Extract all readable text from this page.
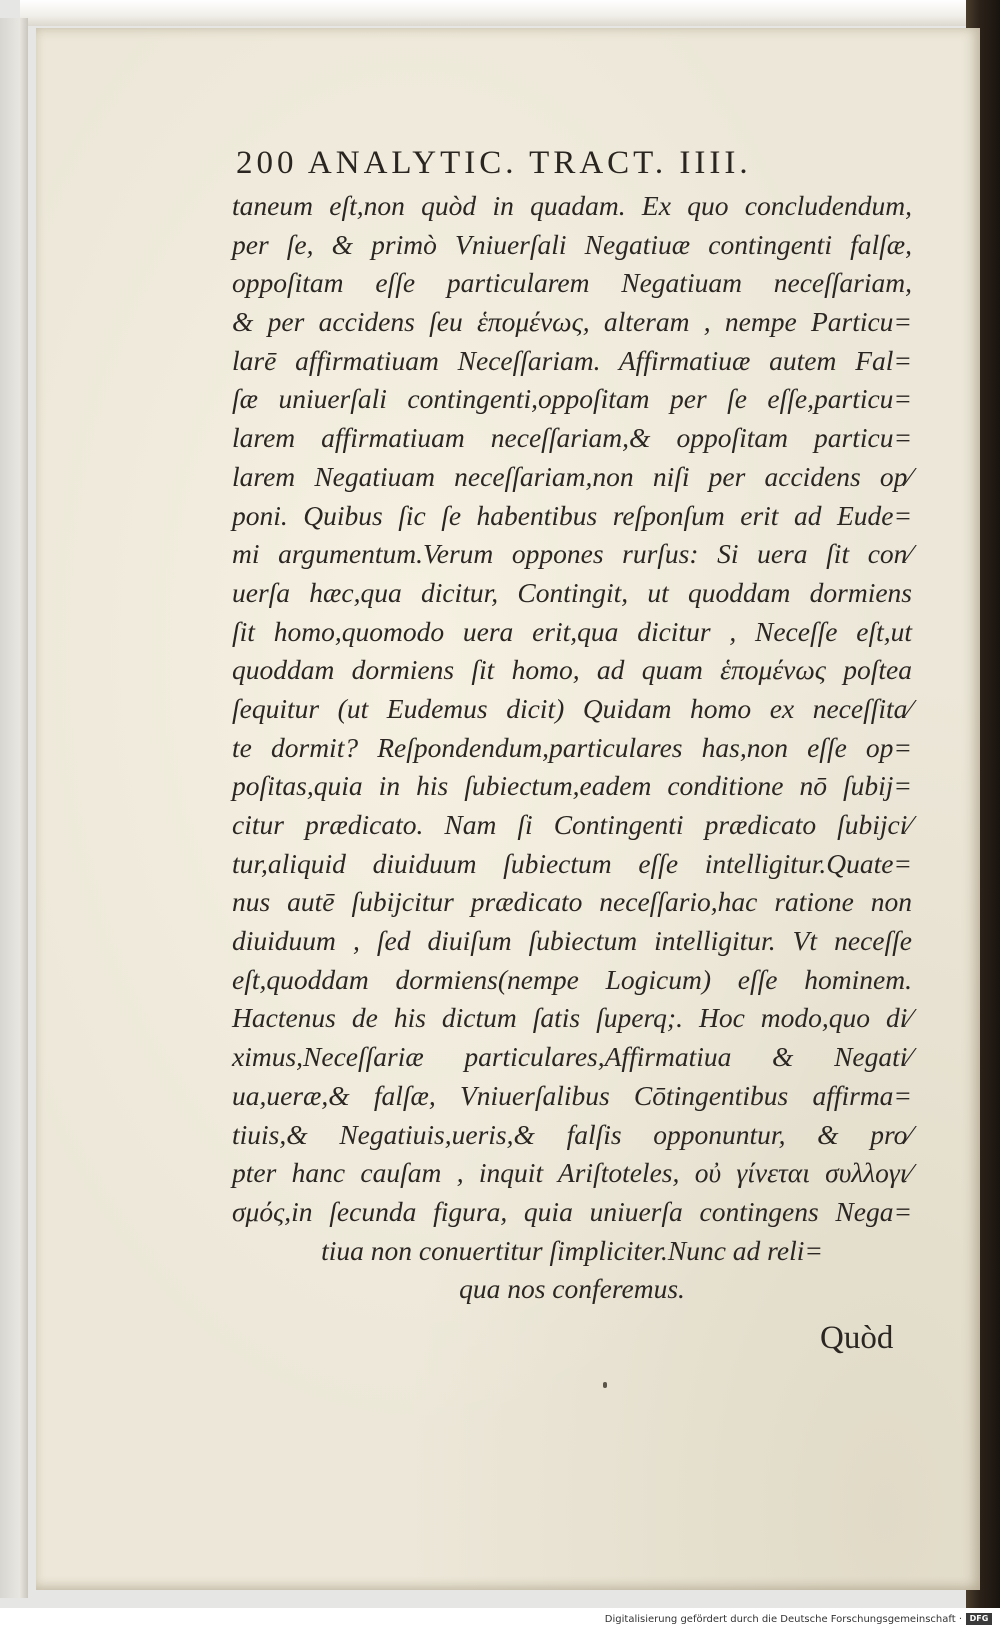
200 ANALYTIC. TRACT. IIII.
taneum eſt,non quòd in quadam. Ex quo concludendum,
per ſe, & primò Vniuerſali Negatiuæ contingenti falſæ,
oppoſitam eſſe particularem Negatiuam neceſſariam,
& per accidens ſeu ἑπομένως, alteram , nempe Particu=
larē affirmatiuam Neceſſariam. Affirmatiuæ autem Fal=
ſæ uniuerſali contingenti,oppoſitam per ſe eſſe,particu=
larem affirmatiuam neceſſariam,& oppoſitam particu=
larem Negatiuam neceſſariam,non niſi per accidens op⁄
poni. Quibus ſic ſe habentibus reſponſum erit ad Eude=
mi argumentum.Verum oppones rurſus: Si uera ſit con⁄
uerſa hæc,qua dicitur, Contingit, ut quoddam dormiens
ſit homo,quomodo uera erit,qua dicitur , Neceſſe eſt,ut
quoddam dormiens ſit homo, ad quam ἑπομένως poſtea
ſequitur (ut Eudemus dicit) Quidam homo ex neceſſita⁄
te dormit? Reſpondendum,particulares has,non eſſe op=
poſitas,quia in his ſubiectum,eadem conditione nō ſubij=
citur prædicato. Nam ſi Contingenti prædicato ſubijci⁄
tur,aliquid diuiduum ſubiectum eſſe intelligitur.Quate=
nus autē ſubijcitur prædicato neceſſario,hac ratione non
diuiduum , ſed diuiſum ſubiectum intelligitur. Vt neceſſe
eſt,quoddam dormiens(nempe Logicum) eſſe hominem.
Hactenus de his dictum ſatis ſuperq;. Hoc modo,quo di⁄
ximus,Neceſſariæ particulares,Affirmatiua & Negati⁄
ua,ueræ,& falſæ, Vniuerſalibus Cōtingentibus affirma=
tiuis,& Negatiuis,ueris,& falſis opponuntur, & pro⁄
pter hanc cauſam , inquit Ariſtoteles, οὐ γίνεται συλλογι⁄
σμός,in ſecunda figura, quia uniuerſa contingens Nega=
tiua non conuertitur ſimpliciter.Nunc ad reli=
qua nos conferemus.
Quòd
Digitalisierung gefördert durch die Deutsche Forschungsgemeinschaft · DFG
